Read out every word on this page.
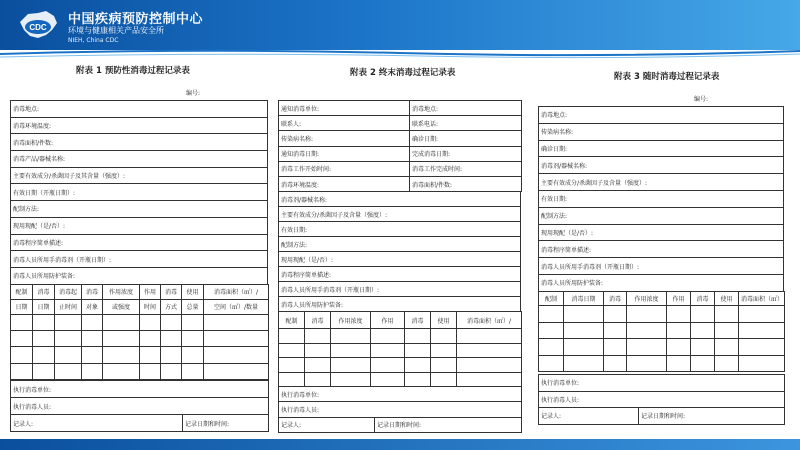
CDC
中国疾病预防控制中心
环境与健康相关产品安全所
NIEH, China CDC
附表 1 预防性消毒过程记录表
编号:
消毒地点:
消毒环境温度:
消毒面积/件数:
消毒产品/器械名称:
主要有效成分/杀菌因子及其含量（强度）:
有效日期（开瓶日期）:
配制方法:
现用现配（是/否）:
消毒程序简单描述:
消毒人员所用手消毒剂（开瓶日期）:
消毒人员所用防护装备:
配制	消毒	消毒起	消毒	作用浓度	作用	消毒	使用	消毒面积（㎡）/
日期	日期	止时间	对象	或强度	时间	方式	总量	空间（㎥）/数量

执行消毒单位:
执行消毒人员:
记录人:	记录日期和时间:
附表 2 终末消毒过程记录表
通知消毒单位:	消毒地点:
联系人:	联系电话:
传染病名称:	确诊日期:
通知消毒日期:	完成消毒日期:
消毒工作开始时间:	消毒工作完成时间:
消毒环境温度:	消毒面积/件数:
消毒剂/器械名称:
主要有效成分/杀菌因子及含量（强度）:
有效日期:
配制方法:
现用现配（是/否）:
消毒程序简单描述:
消毒人员所用手消毒剂（开瓶日期）:
消毒人员所用防护装备:
配制	消毒	作用浓度	作用	消毒	使用	消毒面积（㎡）/

执行消毒单位:
执行消毒人员:
记录人:	记录日期和时间:
附表 3 随时消毒过程记录表
编号:
消毒地点:
传染病名称:
确诊日期:
消毒剂/器械名称:
主要有效成分/杀菌因子及含量（强度）:
有效日期:
配制方法:
现用现配（是/否）:
消毒程序简单描述:
消毒人员所用手消毒剂（开瓶日期）:
消毒人员所用防护装备:
配制	消毒日期	消毒	作用浓度	作用	消毒	使用	消毒面积（㎡）

执行消毒单位:
执行消毒人员:
记录人:	记录日期和时间:
